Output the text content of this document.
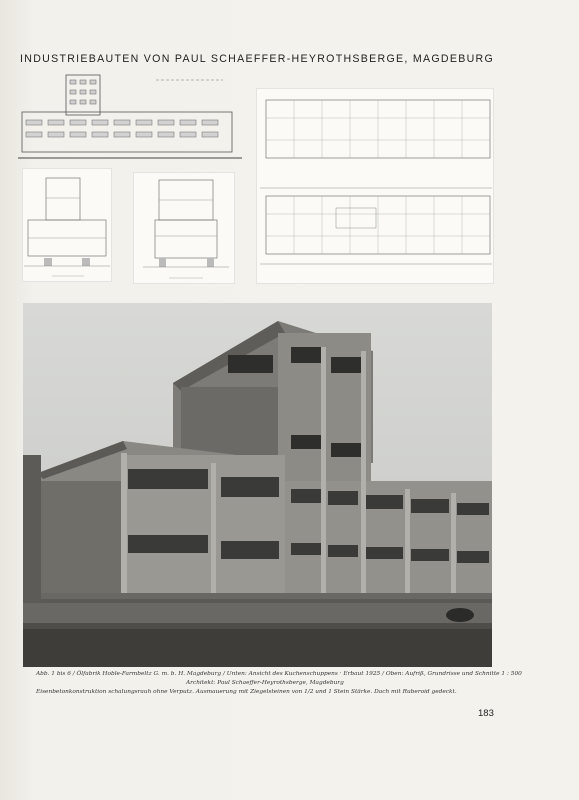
INDUSTRIEBAUTEN VON PAUL SCHAEFFER-HEYROTHSBERGE, MAGDEBURG
Abb. 1 bis 6 / Ölfabrik Hoble-Farmbeltz G. m. b. H. Magdeburg / Unten: Ansicht des Kuchenschuppens · Erbaut 1925 / Oben: Aufriß, Grundrisse und Schnitte 1 : 500
Architekt: Paul Schaeffer-Heyrothsberge, Magdeburg
Eisenbetonkonstruktion schalungsrauh ohne Verputz. Ausmauerung mit Ziegelsteinen von 1/2 und 1 Stein Stärke. Dach mit Ruberoid gedeckt.
183
